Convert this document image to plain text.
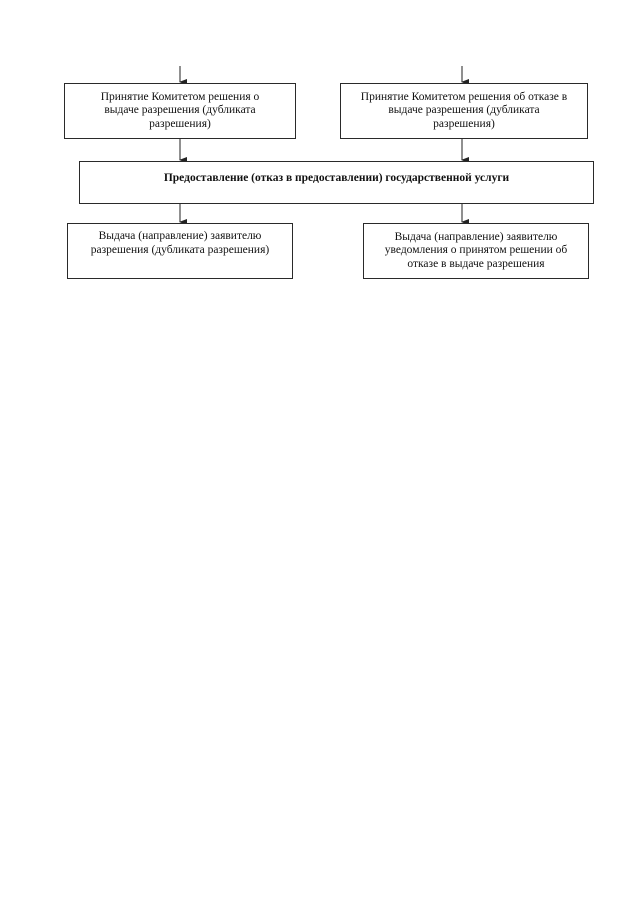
Принятие Комитетом решения о
выдаче разрешения (дубликата
разрешения)
Принятие Комитетом решения об отказе в
выдаче разрешения (дубликата
разрешения)
Предоставление (отказ в предоставлении) государственной услуги
Выдача (направление) заявителю
разрешения (дубликата разрешения)
Выдача (направление) заявителю
уведомления о принятом решении об
отказе в выдаче разрешения
